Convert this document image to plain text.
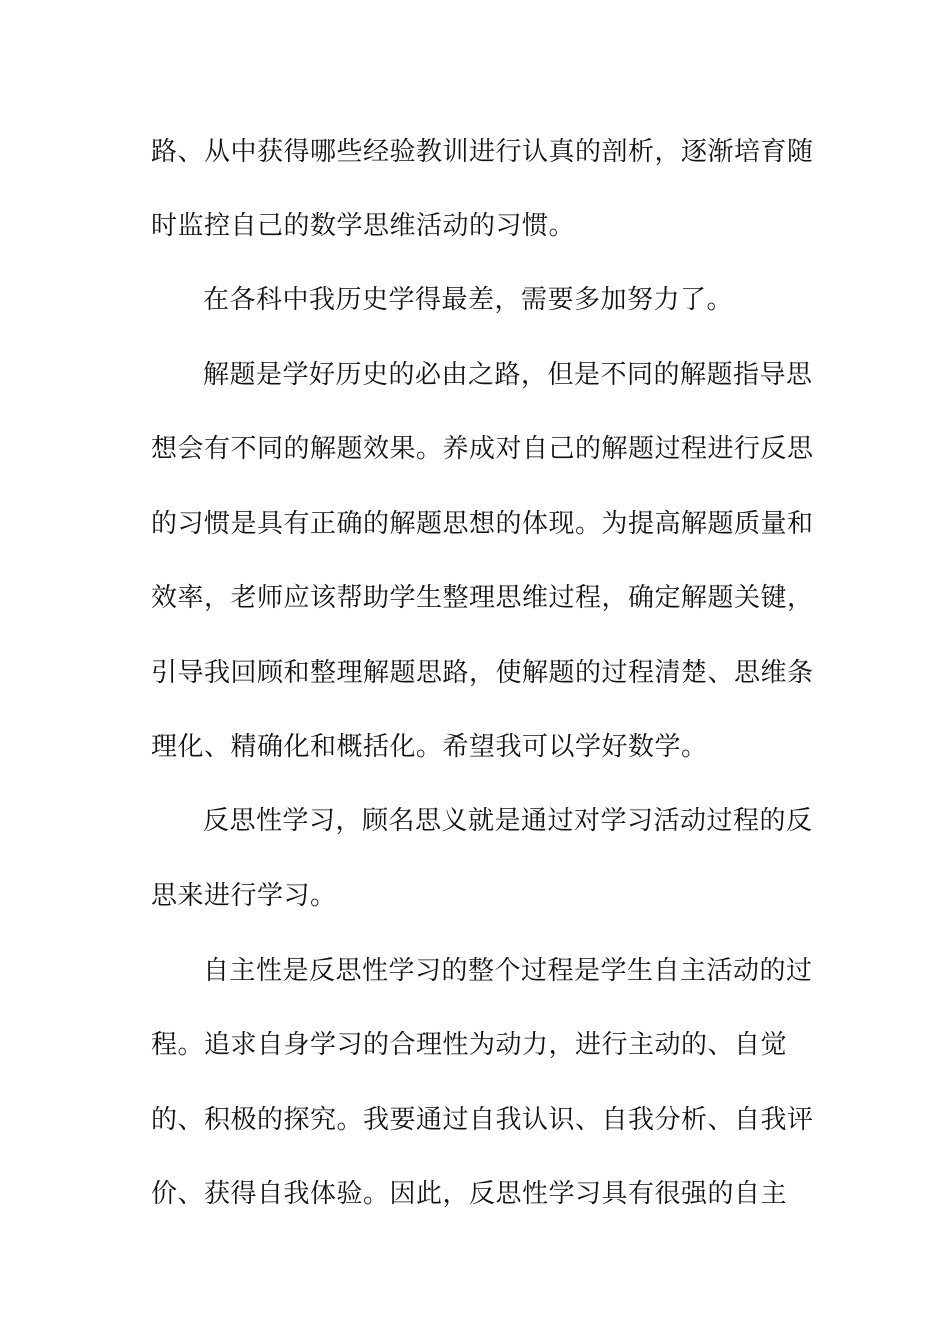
路、从中获得哪些经验教训进行认真的剖析，逐渐培育随
时监控自己的数学思维活动的习惯。
在各科中我历史学得最差，需要多加努力了。
解题是学好历史的必由之路，但是不同的解题指导思
想会有不同的解题效果。养成对自己的解题过程进行反思
的习惯是具有正确的解题思想的体现。为提高解题质量和
效率，老师应该帮助学生整理思维过程，确定解题关键，
引导我回顾和整理解题思路，使解题的过程清楚、思维条
理化、精确化和概括化。希望我可以学好数学。
反思性学习，顾名思义就是通过对学习活动过程的反
思来进行学习。
自主性是反思性学习的整个过程是学生自主活动的过
程。追求自身学习的合理性为动力，进行主动的、自觉
的、积极的探究。我要通过自我认识、自我分析、自我评
价、获得自我体验。因此，反思性学习具有很强的自主
